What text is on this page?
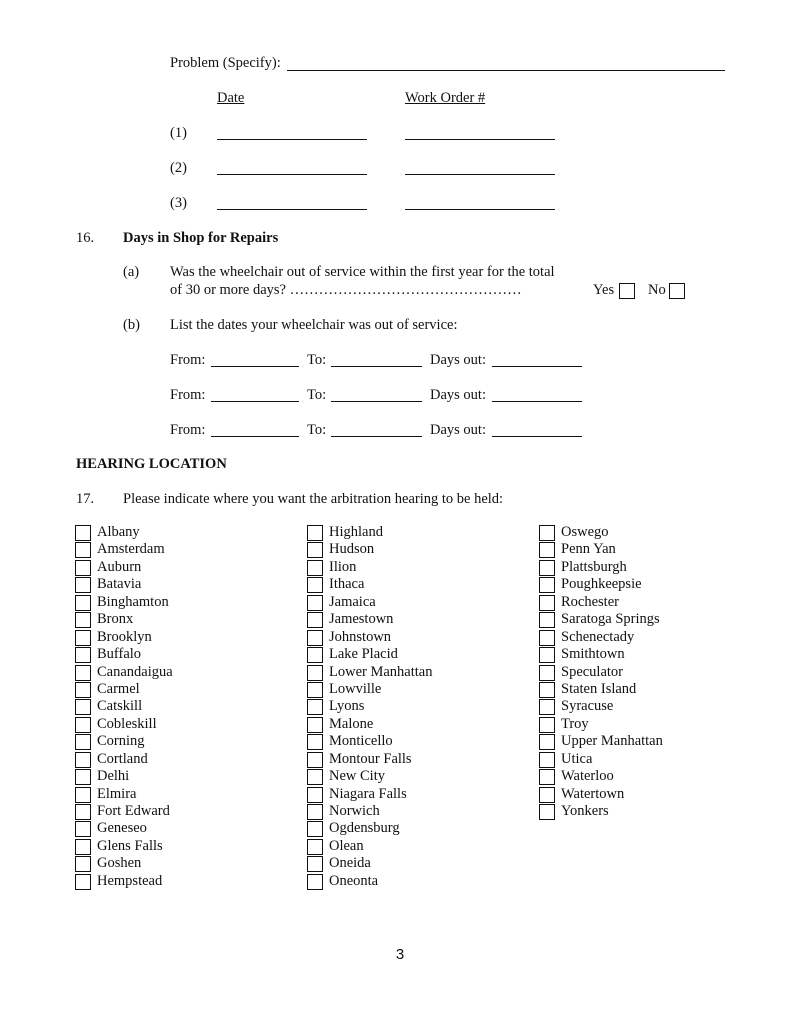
Problem (Specify):
Date	Work Order #
(1)
(2)
(3)
16. Days in Shop for Repairs
(a) Was the wheelchair out of service within the first year for the total
of 30 or more days? …………………………………………	Yes No
(b) List the dates your wheelchair was out of service:
From:	To:	Days out:
From:	To:	Days out:
From:	To:	Days out:
HEARING LOCATION
17. Please indicate where you want the arbitration hearing to be held:
Albany
Amsterdam
Auburn
Batavia
Binghamton
Bronx
Brooklyn
Buffalo
Canandaigua
Carmel
Catskill
Cobleskill
Corning
Cortland
Delhi
Elmira
Fort Edward
Geneseo
Glens Falls
Goshen
Hempstead
Highland
Hudson
Ilion
Ithaca
Jamaica
Jamestown
Johnstown
Lake Placid
Lower Manhattan
Lowville
Lyons
Malone
Monticello
Montour Falls
New City
Niagara Falls
Norwich
Ogdensburg
Olean
Oneida
Oneonta
Oswego
Penn Yan
Plattsburgh
Poughkeepsie
Rochester
Saratoga Springs
Schenectady
Smithtown
Speculator
Staten Island
Syracuse
Troy
Upper Manhattan
Utica
Waterloo
Watertown
Yonkers
3
